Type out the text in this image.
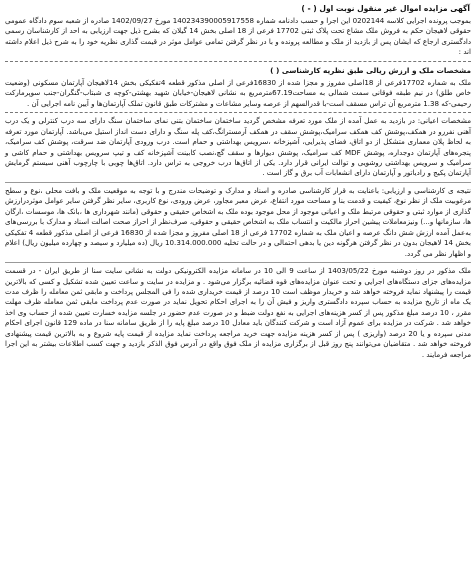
آگهی مزایده اموال غیر منقول نوبت اول ( - )

بموجب پرونده اجرایی کلاسه 0202144 این اجرا و حسب دادنامه شماره 140234390005917558 مورخ 1402/09/27 صادره از شعبه سوم دادگاه عمومی حقوقی لاهیجان حکم به فروش ملک مشاع تحت پلاک ثبتی 17702 فرعی از 18 اصلی بخش 14 گیلان که بشرح ذیل جهت ارزیابی به احد از کارشناسان رسمی دادگستری ارجاع که ایشان پس از بازدید از ملک و مطالعه پرونده و با در نظر گرفتن تمامی عوامل موثر در قیمت گذاری نظریه خود را به شرح ذیل اعلام داشته اند :

مشخصات ملک و ارزش ریالی طبق نظریه کارشناسی ( )

ملک به شماره 17702فرعی از 18اصلی مفروز و مجزا شده از 16830فرعی از اصلی مذکور قطعه 4تفکیکی بخش 14لاهیجان آپارتمان مسکونی (وضعیت خاص طلق) در نیم طبقه فوقانی سمت شمالی به مساحت67.19مترمربع به نشانی لاهیجان-خیابان شهید بهشتی-کوچه ی شبتاب-گنگران-جنب سوپرمارکت رحیمی-که 1.38 مترمربع آن تراس مسقف است-با قدرالسهم از عرصه وسایر مشاعات و مشترکات طبق قانون تملک آپارتمان‌ها و آیین نامه اجرایی آن .

مشخصات اعیانی: در بازدید به عمل آمده از ملک مورد تعرفه مشخص گردید ساختمان ساختمان بتنی نمای ساختمان سنگ دارای سه درب کنترلی و یک درب آهنی نفررو در همکف،پوشش کف همکف سرامیک،پوشش سقف در همکف آرمسترانگ،کف پله سنگ و دارای دست انداز استیل می‌باشد. آپارتمان مورد تعرفه به لحاظ پلان معماری متشکل از دو اتاق، فضای پذیرایی، آشپزخانه ،سرویس بهداشتی و حمام است. درب ورودی آپارتمان ضد سرقت، پوشش کف سرامیک، پنجره‌های آپارتمان دوجداره، پوشش MDF کف سرامیک، پوشش دیوارها و سقف گچ،نصب کابینت آشپزخانه کف و تیپ سرویس بهداشتی و حمام کاشی و سرامیک و سرویس بهداشتی روشویی و توالت ایرانی قرار دارد. یکی از اتاق‌ها درب خروجی به تراس دارد. اتاق‌ها چوبی با چارچوب آهنی سیستم گرمایش آپارتمان پکیج و رادیاتور و آپارتمان دارای انشعابات آب برق و گاز است .

نتیجه ی کارشناسی و ارزیابی: باعنایت به قرار کارشناسی صادره و اسناد و مدارک و توضیحات مندرج و با توجه به موقعیت ملک و بافت محلی ،نوع و سطح مرغوبیت ملک از نظر نوع، کیفیت و قدمت بنا و مساحت مورد انتفاع، عرض معبر مجاور، عرض ورودی، نوع کاربری، سایر نظر گرفتن سایر عوامل موثردرارزش گذاری از موارد ثبتی و حقوقی مرتبط ملک و اعیانی موجود از محل موجود بوده ملک به اشخاص حقیقی و حقوقی (مانند شهرداری ها ،بانک ها، موسسات ،ارگان ها، سازمانها و...) ونیزمعاملات پیشین احراز مالکیت و انتساب ملک به اشخاص حقیقی و حقوقی، صرف‌نظر از احراز صحت اصالت اسناد و مدارک با بررسی‌های به‌عمل آمده ارزش شش دانگ عرصه و اعیان ملک به شماره 17702 فرعی از 18 اصلی مفروز و مجزا شده از 16830 فرعی از اصلی مذکور قطعه 4 تفکیکی بخش 14 لاهیجان بدون در نظر گرفتن هرگونه دین یا بدهی احتمالی و در حالت تخلیه 10.314.000.000 ریال (ده میلیارد و سیصد و چهارده میلیون ریال) اعلام و اظهار نظر می گردد.

ملک مذکور در روز دوشنبه مورخ 1403/05/22 از ساعت 9 الی 10 در سامانه مزایده الکترونیکی دولت به نشانی سایت سنا از طریق ایران - در قسمت مزایده‌های جزای دستگاه‌های اجرایی و تحت عنوان مزایده‌های قوه قضائیه برگزار می‌شود . و مزایده در سایت و ساعت تعیین شده تشکیل و کسی که بالاترین قیمت را پیشنهاد نماید فروخته خواهد شد و خریدار موظف است 10 درصد از قیمت خریداری شده را فی المجلس پرداخت و مابقی ثمن معامله را ظرف مدت یک ماه از تاریخ مزایده به حساب سپرده دادگستری واریز و فیش آن را به اجرای احکام تحویل نماید در صورت عدم پرداخت مابقی ثمن معامله ظرف مهلت مقرر ، 10 درصد مبلغ مذکور پس از کسر هزینه‌های اجرایی به نفع دولت ضبط و در صورت عدم حضور در جلسه مزایده خسارت تعیین شده از حساب وی اخذ خواهد شد . شرکت در مزایده برای عموم آزاد است و شرکت کنندگان باید معادل 10 درصد مبلغ پایه را از طریق سامانه سنا در ماده 129 قانون اجرای احکام مدنی سپرده و یا 20 درصد (واریزی ) پس از کسر هزینه مزایده جهت خرید مراجعه پرداخت نماید مزایده از قیمت پایه شروع و به بالاترین قیمت پیشنهادی فروخته خواهد شد . متقاضیان می‌توانند پنج روز قبل از برگزاری مزایده از ملک فوق واقع در آدرس فوق الذکر بازدید و جهت کسب اطلاعات بیشتر به این اجرا مراجعه فرمایند .
